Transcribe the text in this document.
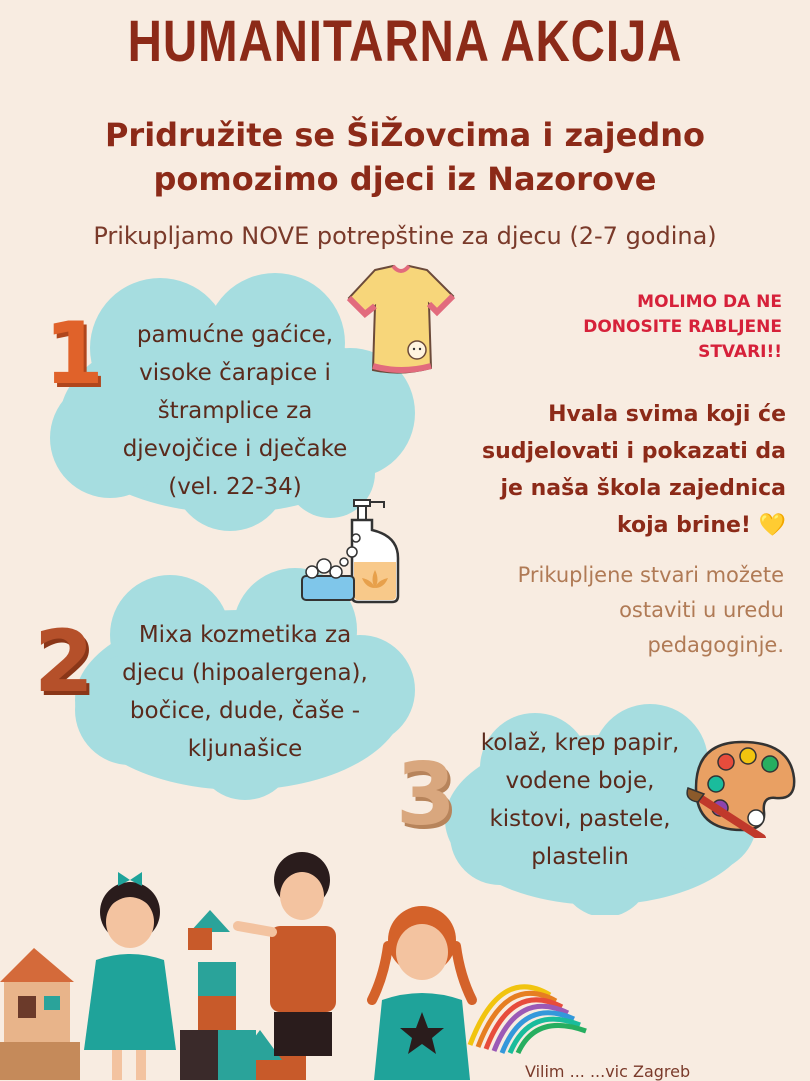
HUMANITARNA AKCIJA
Pridružite se ŠiŽovcima i zajedno
pomozimo djeci iz Nazorove
Prikupljamo NOVE potrepštine za djecu (2-7 godina)
1
2
3
pamućne gaćice,
visoke čarapice i
štramplice za
djevojčice i dječake
(vel. 22-34)
Mixa kozmetika za
djecu (hipoalergena),
bočice, dude, čaše -
kljunašice	kolaž, krep papir,
vodene boje,
kistovi, pastele,
plastelin
MOLIMO DA NE
DONOSITE RABLJENE
STVARI!!
Hvala svima koji će
sudjelovati i pokazati da
je naša škola zajednica
koja brine! 💛
Prikupljene stvari možete
ostaviti u uredu
pedagoginje.
Vilim ... ...vic Zagreb
